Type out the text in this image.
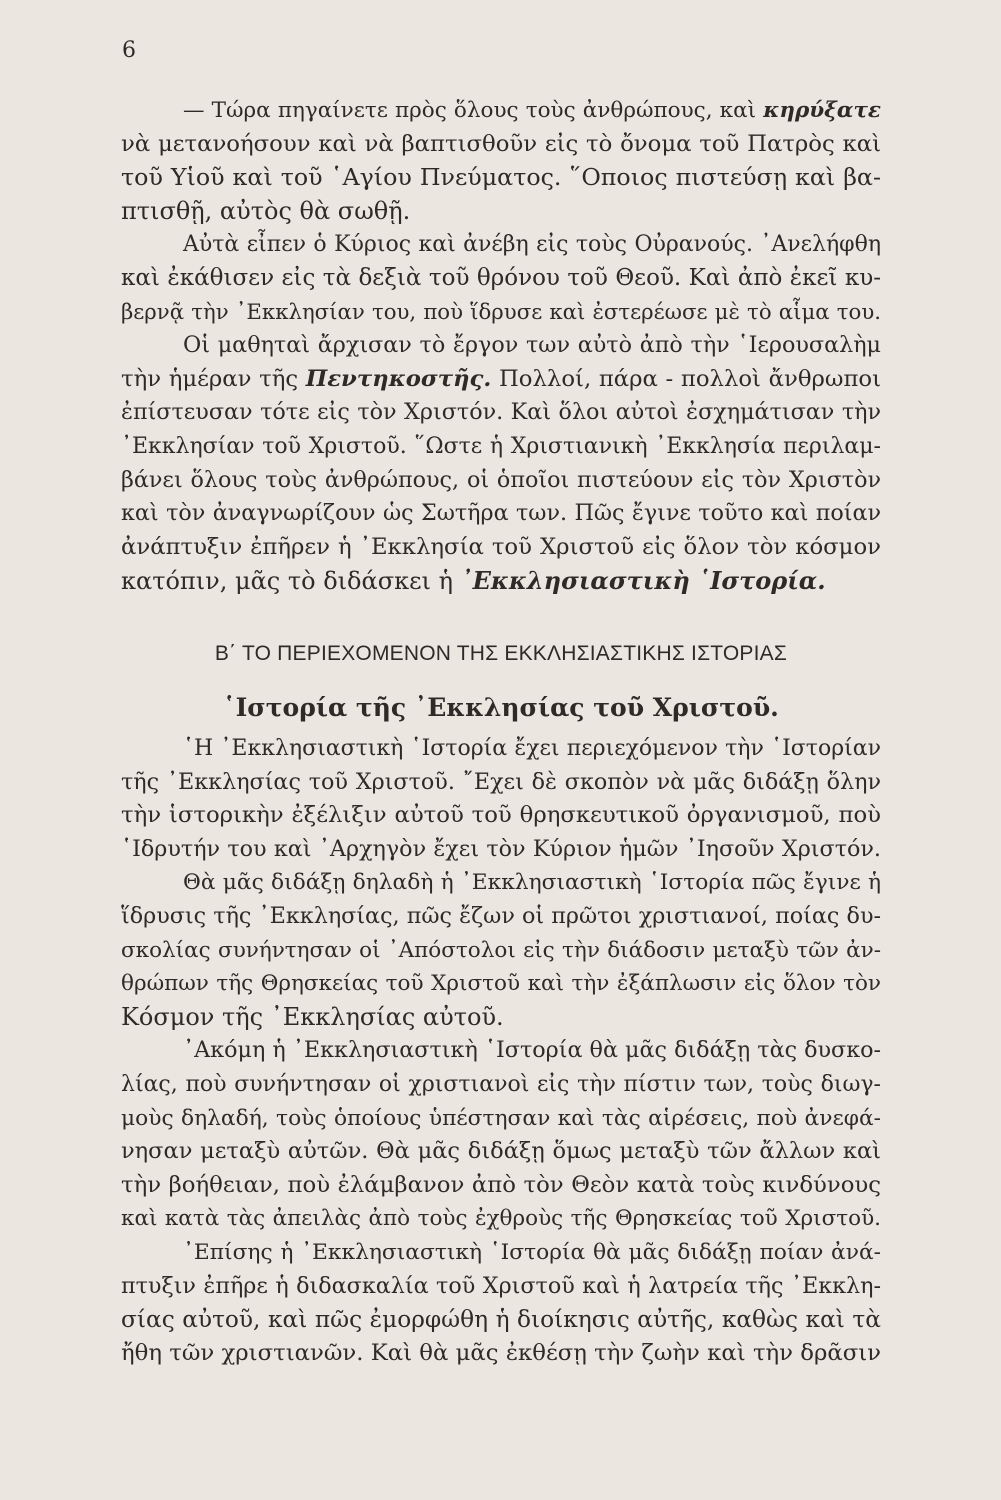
6
— Τώρα πηγαίνετε πρὸς ὅλους τοὺς ἀνθρώπους, καὶ κηρύξατε
νὰ μετανοήσουν καὶ νὰ βαπτισθοῦν εἰς τὸ ὄνομα τοῦ Πατρὸς καὶ
τοῦ Υἱοῦ καὶ τοῦ ῾Αγίου Πνεύματος. ῞Οποιος πιστεύσῃ καὶ βα-
πτισθῇ, αὐτὸς θὰ σωθῇ.
Αὐτὰ εἶπεν ὁ Κύριος καὶ ἀνέβη εἰς τοὺς Οὐρανούς. ᾿Ανελήφθη
καὶ ἐκάθισεν εἰς τὰ δεξιὰ τοῦ θρόνου τοῦ Θεοῦ. Καὶ ἀπὸ ἐκεῖ κυ-
βερνᾷ τὴν ᾿Εκκλησίαν του, ποὺ ἵδρυσε καὶ ἐστερέωσε μὲ τὸ αἷμα του.
Οἱ μαθηταὶ ἄρχισαν τὸ ἔργον των αὐτὸ ἀπὸ τὴν ῾Ιερουσαλὴμ
τὴν ἡμέραν τῆς Πεντηκοστῆς. Πολλοί, πάρα - πολλοὶ ἄνθρωποι
ἐπίστευσαν τότε εἰς τὸν Χριστόν. Καὶ ὅλοι αὐτοὶ ἐσχημάτισαν τὴν
᾿Εκκλησίαν τοῦ Χριστοῦ. ῞Ωστε ἡ Χριστιανικὴ ᾿Εκκλησία περιλαμ-
βάνει ὅλους τοὺς ἀνθρώπους, οἱ ὁποῖοι πιστεύουν εἰς τὸν Χριστὸν
καὶ τὸν ἀναγνωρίζουν ὡς Σωτῆρα των. Πῶς ἔγινε τοῦτο καὶ ποίαν
ἀνάπτυξιν ἐπῆρεν ἡ ᾿Εκκλησία τοῦ Χριστοῦ εἰς ὅλον τὸν κόσμον
κατόπιν, μᾶς τὸ διδάσκει ἡ ᾿Εκκλησιαστικὴ ῾Ιστορία.
Β΄ ΤΟ ΠΕΡΙΕΧΟΜΕΝΟΝ ΤΗΣ ΕΚΚΛΗΣΙΑΣΤΙΚΗΣ ΙΣΤΟΡΙΑΣ
῾Ιστορία τῆς ᾿Εκκλησίας τοῦ Χριστοῦ.
῾Η ᾿Εκκλησιαστικὴ ῾Ιστορία ἔχει περιεχόμενον τὴν ῾Ιστορίαν
τῆς ᾿Εκκλησίας τοῦ Χριστοῦ. ῎Εχει δὲ σκοπὸν νὰ μᾶς διδάξῃ ὅλην
τὴν ἱστορικὴν ἐξέλιξιν αὐτοῦ τοῦ θρησκευτικοῦ ὀργανισμοῦ, ποὺ
῾Ιδρυτήν του καὶ ᾿Αρχηγὸν ἔχει τὸν Κύριον ἡμῶν ᾿Ιησοῦν Χριστόν.
Θὰ μᾶς διδάξῃ δηλαδὴ ἡ ᾿Εκκλησιαστικὴ ῾Ιστορία πῶς ἔγινε ἡ
ἵδρυσις τῆς ᾿Εκκλησίας, πῶς ἔζων οἱ πρῶτοι χριστιανοί, ποίας δυ-
σκολίας συνήντησαν οἱ ᾿Απόστολοι εἰς τὴν διάδοσιν μεταξὺ τῶν ἀν-
θρώπων τῆς Θρησκείας τοῦ Χριστοῦ καὶ τὴν ἐξάπλωσιν εἰς ὅλον τὸν
Κόσμον τῆς ᾿Εκκλησίας αὐτοῦ.
᾿Ακόμη ἡ ᾿Εκκλησιαστικὴ ῾Ιστορία θὰ μᾶς διδάξῃ τὰς δυσκο-
λίας, ποὺ συνήντησαν οἱ χριστιανοὶ εἰς τὴν πίστιν των, τοὺς διωγ-
μοὺς δηλαδή, τοὺς ὁποίους ὑπέστησαν καὶ τὰς αἱρέσεις, ποὺ ἀνεφά-
νησαν μεταξὺ αὐτῶν. Θὰ μᾶς διδάξῃ ὅμως μεταξὺ τῶν ἄλλων καὶ
τὴν βοήθειαν, ποὺ ἐλάμβανον ἀπὸ τὸν Θεὸν κατὰ τοὺς κινδύνους
καὶ κατὰ τὰς ἀπειλὰς ἀπὸ τοὺς ἐχθροὺς τῆς Θρησκείας τοῦ Χριστοῦ.
᾿Επίσης ἡ ᾿Εκκλησιαστικὴ ῾Ιστορία θὰ μᾶς διδάξῃ ποίαν ἀνά-
πτυξιν ἐπῆρε ἡ διδασκαλία τοῦ Χριστοῦ καὶ ἡ λατρεία τῆς ᾿Εκκλη-
σίας αὐτοῦ, καὶ πῶς ἐμορφώθη ἡ διοίκησις αὐτῆς, καθὼς καὶ τὰ
ἤθη τῶν χριστιανῶν. Καὶ θὰ μᾶς ἐκθέσῃ τὴν ζωὴν καὶ τὴν δρᾶσιν
